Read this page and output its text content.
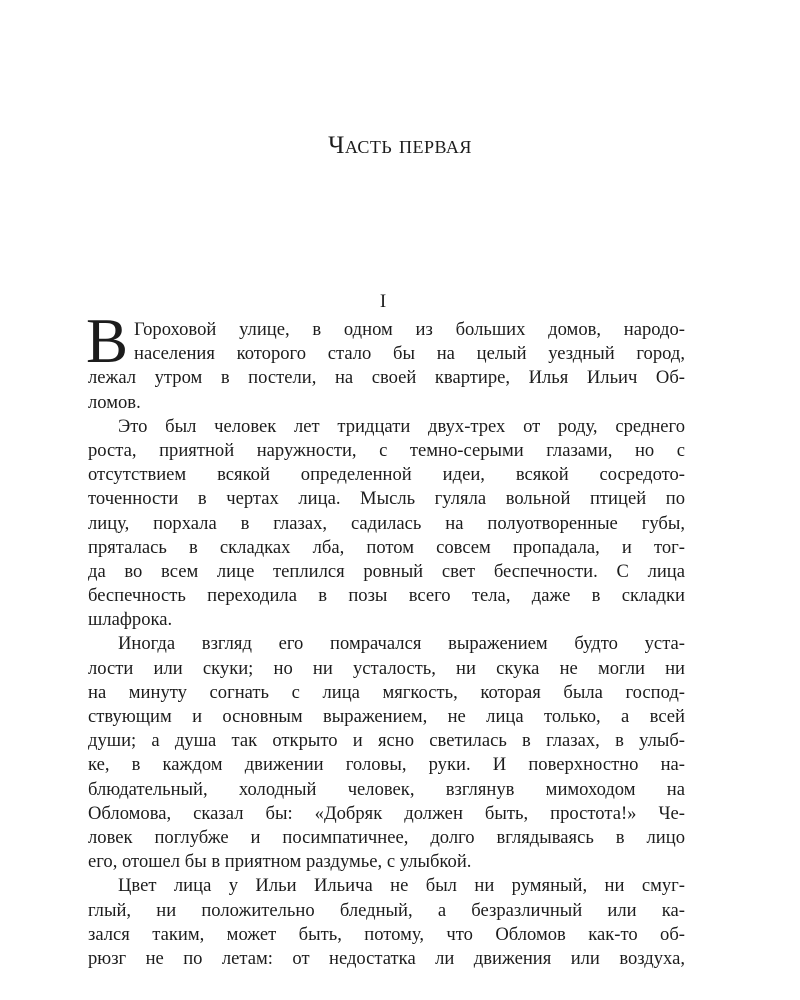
Часть первая
I
В Гороховой улице, в одном из больших домов, народо-
населения которого стало бы на целый уездный город,
лежал утром в постели, на своей квартире, Илья Ильич Об-
ломов.
Это был человек лет тридцати двух-трех от роду, среднего
роста, приятной наружности, с темно-серыми глазами, но с
отсутствием всякой определенной идеи, всякой сосредото-
точенности в чертах лица. Мысль гуляла вольной птицей по
лицу, порхала в глазах, садилась на полуотворенные губы,
пряталась в складках лба, потом совсем пропадала, и тог-
да во всем лице теплился ровный свет беспечности. С лица
беспечность переходила в позы всего тела, даже в складки
шлафрока.
Иногда взгляд его помрачался выражением будто уста-
лости или скуки; но ни усталость, ни скука не могли ни
на минуту согнать с лица мягкость, которая была господ-
ствующим и основным выражением, не лица только, а всей
души; а душа так открыто и ясно светилась в глазах, в улыб-
ке, в каждом движении головы, руки. И поверхностно на-
блюдательный, холодный человек, взглянув мимоходом на
Обломова, сказал бы: «Добряк должен быть, простота!» Че-
ловек поглубже и посимпатичнее, долго вглядываясь в лицо
его, отошел бы в приятном раздумье, с улыбкой.
Цвет лица у Ильи Ильича не был ни румяный, ни смуг-
глый, ни положительно бледный, а безразличный или ка-
зался таким, может быть, потому, что Обломов как-то об-
рюзг не по летам: от недостатка ли движения или воздуха,
